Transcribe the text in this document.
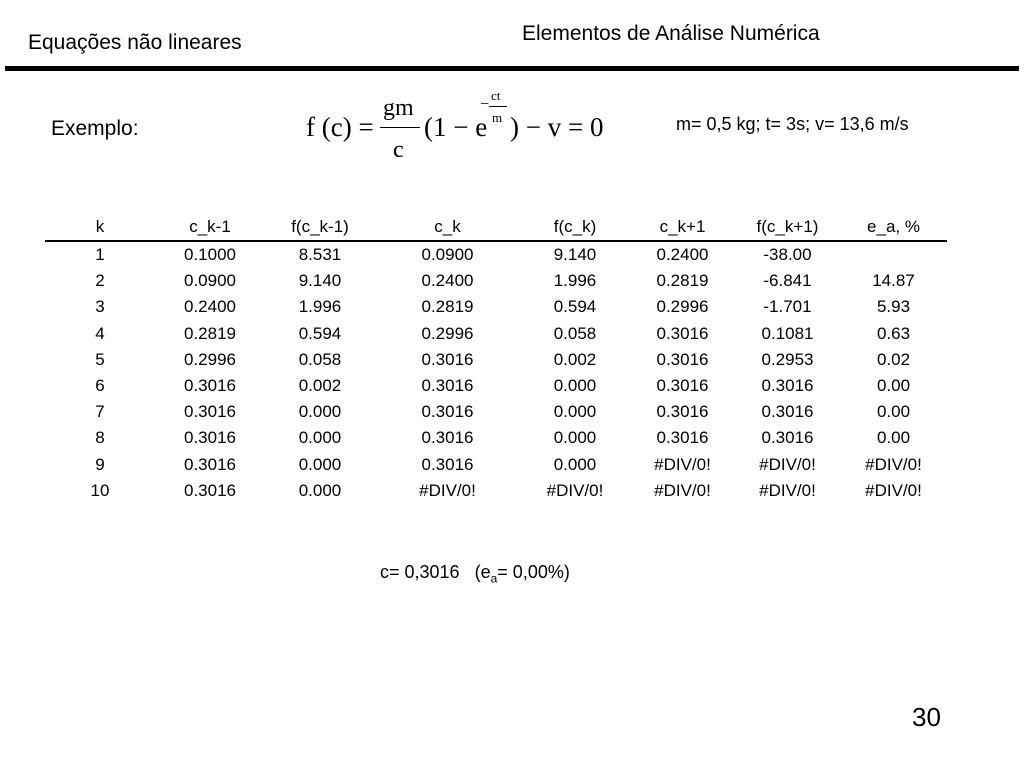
Equações não lineares	Elementos de Análise Numérica
Exemplo:	f (c) =
gm
c
(1 − e
−
ct
m ) − v = 0	m= 0,5 kg; t= 3s; v= 13,6 m/s
k	c_k-1	f(c_k-1)	c_k	f(c_k)	c_k+1	f(c_k+1)	e_a, %
1	0.1000	8.531	0.0900	9.140	0.2400	-38.00	
2	0.0900	9.140	0.2400	1.996	0.2819	-6.841	14.87
3	0.2400	1.996	0.2819	0.594	0.2996	-1.701	5.93
4	0.2819	0.594	0.2996	0.058	0.3016	0.1081	0.63
5	0.2996	0.058	0.3016	0.002	0.3016	0.2953	0.02
6	0.3016	0.002	0.3016	0.000	0.3016	0.3016	0.00
7	0.3016	0.000	0.3016	0.000	0.3016	0.3016	0.00
8	0.3016	0.000	0.3016	0.000	0.3016	0.3016	0.00
9	0.3016	0.000	0.3016	0.000	#DIV/0!	#DIV/0!	#DIV/0!
10	0.3016	0.000	#DIV/0!	#DIV/0!	#DIV/0!	#DIV/0!	#DIV/0!
c= 0,3016 $(e_a= 0,00\%)$
30
